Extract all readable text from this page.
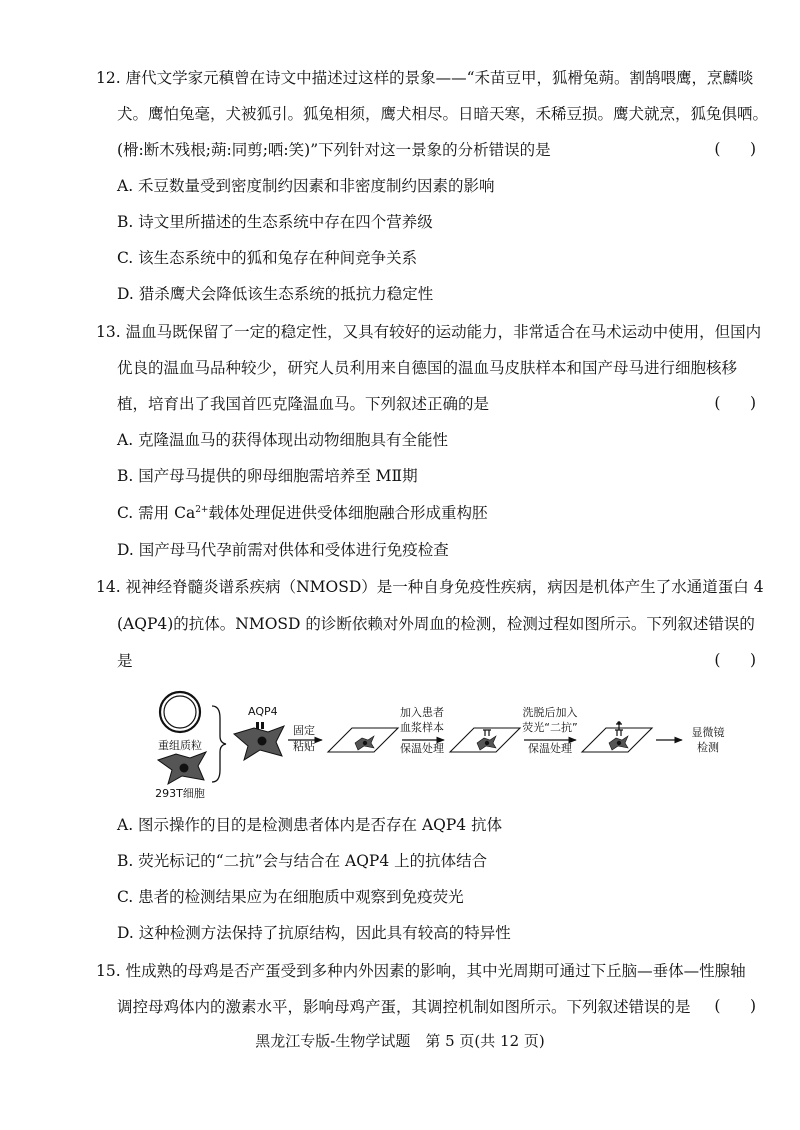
12. 唐代文学家元稹曾在诗文中描述过这样的景象——“禾苗豆甲，狐榾兔蒴。割鹄喂鹰，烹麟啖
犬。鹰怕兔毫，犬被狐引。狐兔相须，鹰犬相尽。日暗天寒，禾稀豆损。鹰犬就烹，狐兔俱哂。
(榾:断木残根;蒴:同剪;哂:笑)”下列针对这一景象的分析错误的是	(      )
A. 禾豆数量受到密度制约因素和非密度制约因素的影响
B. 诗文里所描述的生态系统中存在四个营养级
C. 该生态系统中的狐和兔存在种间竞争关系
D. 猎杀鹰犬会降低该生态系统的抵抗力稳定性
13. 温血马既保留了一定的稳定性，又具有较好的运动能力，非常适合在马术运动中使用，但国内
优良的温血马品种较少，研究人员利用来自德国的温血马皮肤样本和国产母马进行细胞核移
植，培育出了我国首匹克隆温血马。下列叙述正确的是	(      )
A. 克隆温血马的获得体现出动物细胞具有全能性
B. 国产母马提供的卵母细胞需培养至 MⅡ期
C. 需用 $Ca^{2+}$载体处理促进供受体细胞融合形成重构胚
D. 国产母马代孕前需对供体和受体进行免疫检查
14. 视神经脊髓炎谱系疾病（NMOSD）是一种自身免疫性疾病，病因是机体产生了水通道蛋白 4
(AQP4)的抗体。NMOSD 的诊断依赖对外周血的检测，检测过程如图所示。下列叙述错误的
是	(      )
重组质粒
293T细胞
AQP4
固定
粘贴
加入患者
血浆样本
保温处理
洗脱后加入
荧光“二抗”
保温处理
显微镜
检测
A. 图示操作的目的是检测患者体内是否存在 AQP4 抗体
B. 荧光标记的“二抗”会与结合在 AQP4 上的抗体结合
C. 患者的检测结果应为在细胞质中观察到免疫荧光
D. 这种检测方法保持了抗原结构，因此具有较高的特异性
15. 性成熟的母鸡是否产蛋受到多种内外因素的影响，其中光周期可通过下丘脑—垂体—性腺轴
调控母鸡体内的激素水平，影响母鸡产蛋，其调控机制如图所示。下列叙述错误的是 (      )
黑龙江专版-生物学试题　第 5 页(共 12 页)
